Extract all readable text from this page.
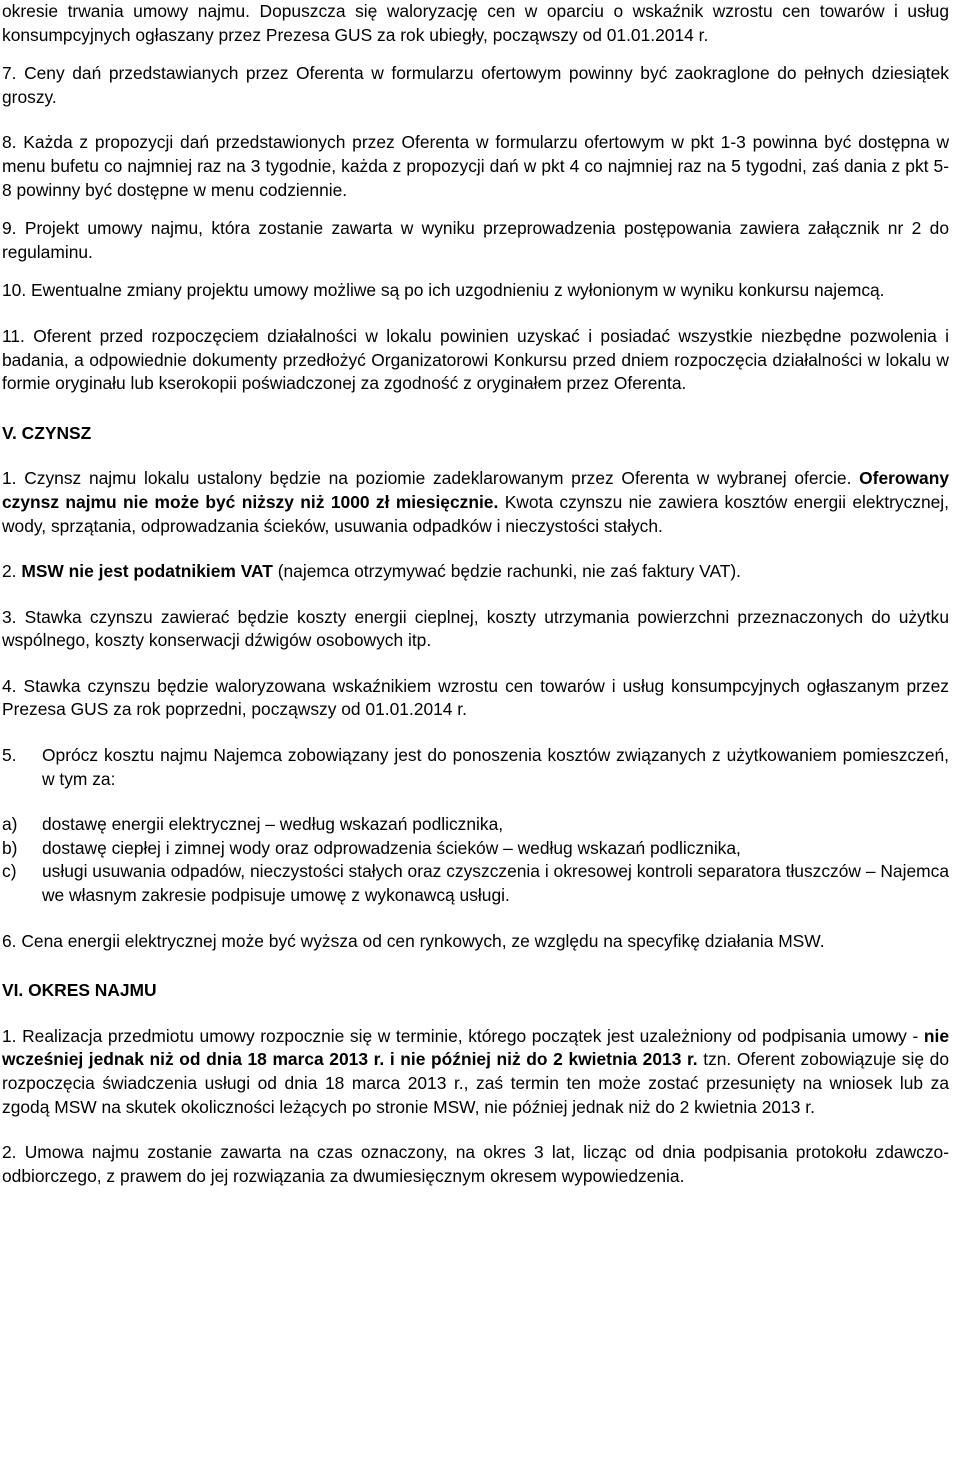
okresie trwania umowy najmu. Dopuszcza się waloryzację cen w oparciu o wskaźnik wzrostu cen towarów i usług konsumpcyjnych ogłaszany przez Prezesa GUS za rok ubiegły, począwszy od 01.01.2014 r.

7. Ceny dań przedstawianych przez Oferenta w formularzu ofertowym powinny być zaokraglone do pełnych dziesiątek groszy.

8. Każda z propozycji dań przedstawionych przez Oferenta w formularzu ofertowym w pkt 1-3 powinna być dostępna w menu bufetu co najmniej raz na 3 tygodnie, każda z propozycji dań w pkt 4 co najmniej raz na 5 tygodni, zaś dania z pkt 5-8 powinny być dostępne w menu codziennie.

9. Projekt umowy najmu, która zostanie zawarta w wyniku przeprowadzenia postępowania zawiera załącznik nr 2 do regulaminu.

10. Ewentualne zmiany projektu umowy możliwe są po ich uzgodnieniu z wyłonionym w wyniku konkursu najemcą.

11. Oferent przed rozpoczęciem działalności w lokalu powinien uzyskać i posiadać wszystkie niezbędne pozwolenia i badania, a odpowiednie dokumenty przedłożyć Organizatorowi Konkursu przed dniem rozpoczęcia działalności w lokalu w formie oryginału lub kserokopii poświadczonej za zgodność z oryginałem przez Oferenta.

V. CZYNSZ

1. Czynsz najmu lokalu ustalony będzie na poziomie zadeklarowanym przez Oferenta w wybranej ofercie. Oferowany czynsz najmu nie może być niższy niż 1000 zł miesięcznie. Kwota czynszu nie zawiera kosztów energii elektrycznej, wody, sprzątania, odprowadzania ścieków, usuwania odpadków i nieczystości stałych.

2. MSW nie jest podatnikiem VAT (najemca otrzymywać będzie rachunki, nie zaś faktury VAT).

3. Stawka czynszu zawierać będzie koszty energii cieplnej, koszty utrzymania powierzchni przeznaczonych do użytku wspólnego, koszty konserwacji dźwigów osobowych itp.

4. Stawka czynszu będzie waloryzowana wskaźnikiem wzrostu cen towarów i usług konsumpcyjnych ogłaszanym przez Prezesa GUS za rok poprzedni, począwszy od 01.01.2014 r.

5.	Oprócz kosztu najmu Najemca zobowiązany jest do ponoszenia kosztów związanych z użytkowaniem pomieszczeń, w tym za:
a)	dostawę energii elektrycznej – według wskazań podlicznika,
b)	dostawę ciepłej i zimnej wody oraz odprowadzenia ścieków – według wskazań podlicznika,
c)	usługi usuwania odpadów, nieczystości stałych oraz czyszczenia i okresowej kontroli separatora tłuszczów – Najemca we własnym zakresie podpisuje umowę z wykonawcą usługi.

6. Cena energii elektrycznej może być wyższa od cen rynkowych, ze względu na specyfikę działania MSW.

VI. OKRES NAJMU

1. Realizacja przedmiotu umowy rozpocznie się w terminie, którego początek jest uzależniony od podpisania umowy - nie wcześniej jednak niż od dnia 18 marca 2013 r. i nie później niż do 2 kwietnia 2013 r. tzn. Oferent zobowiązuje się do rozpoczęcia świadczenia usługi od dnia 18 marca 2013 r., zaś termin ten może zostać przesunięty na wniosek lub za zgodą MSW na skutek okoliczności leżących po stronie MSW, nie później jednak niż do 2 kwietnia 2013 r.

2. Umowa najmu zostanie zawarta na czas oznaczony, na okres 3 lat, licząc od dnia podpisania protokołu zdawczo-odbiorczego, z prawem do jej rozwiązania za dwumiesięcznym okresem wypowiedzenia.
